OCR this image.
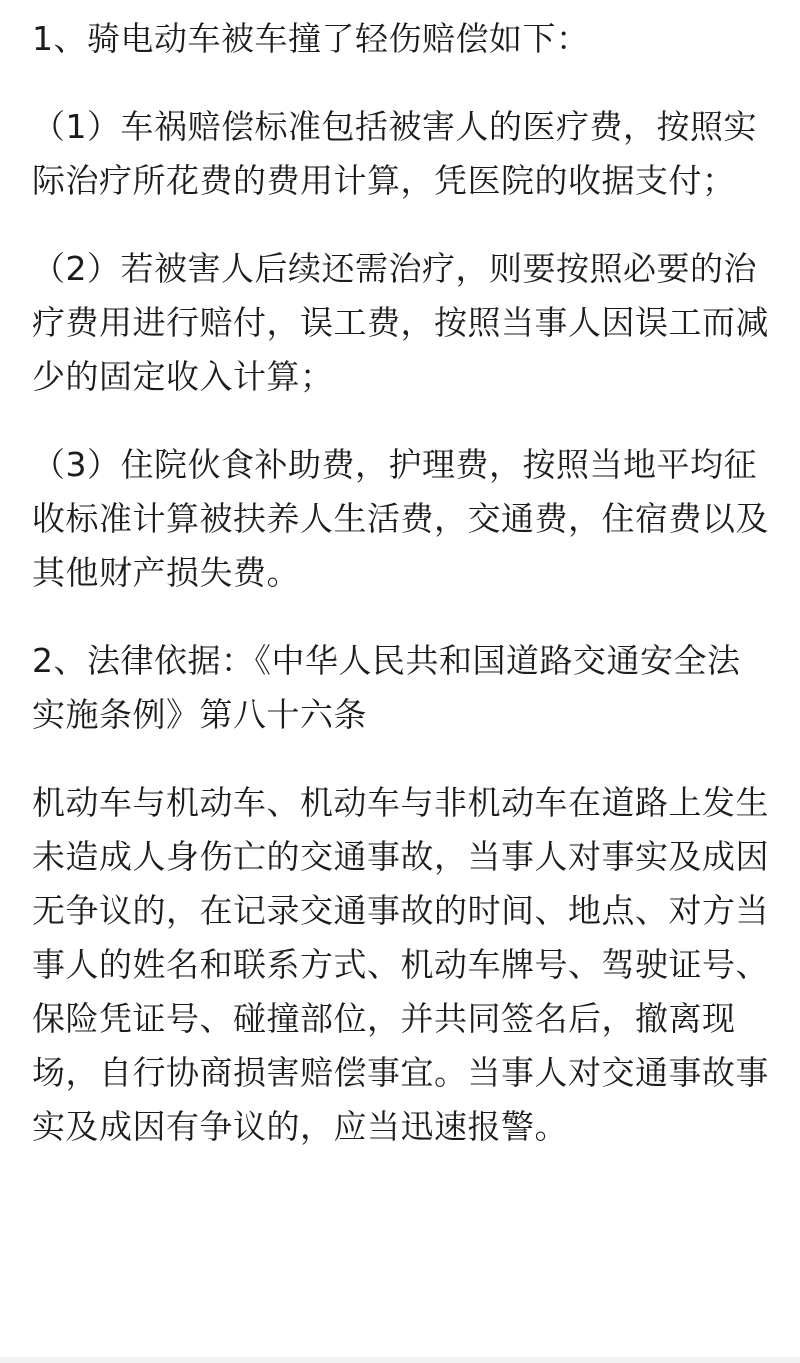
1、骑电动车被车撞了轻伤赔偿如下：

（1）车祸赔偿标准包括被害人的医疗费，按照实际治疗所花费的费用计算，凭医院的收据支付；

（2）若被害人后续还需治疗，则要按照必要的治疗费用进行赔付，误工费，按照当事人因误工而减少的固定收入计算；

（3）住院伙食补助费，护理费，按照当地平均征收标准计算被扶养人生活费，交通费，住宿费以及其他财产损失费。

2、法律依据：《中华人民共和国道路交通安全法实施条例》第八十六条

机动车与机动车、机动车与非机动车在道路上发生未造成人身伤亡的交通事故，当事人对事实及成因无争议的，在记录交通事故的时间、地点、对方当事人的姓名和联系方式、机动车牌号、驾驶证号、保险凭证号、碰撞部位，并共同签名后，撤离现场，自行协商损害赔偿事宜。当事人对交通事故事实及成因有争议的，应当迅速报警。
